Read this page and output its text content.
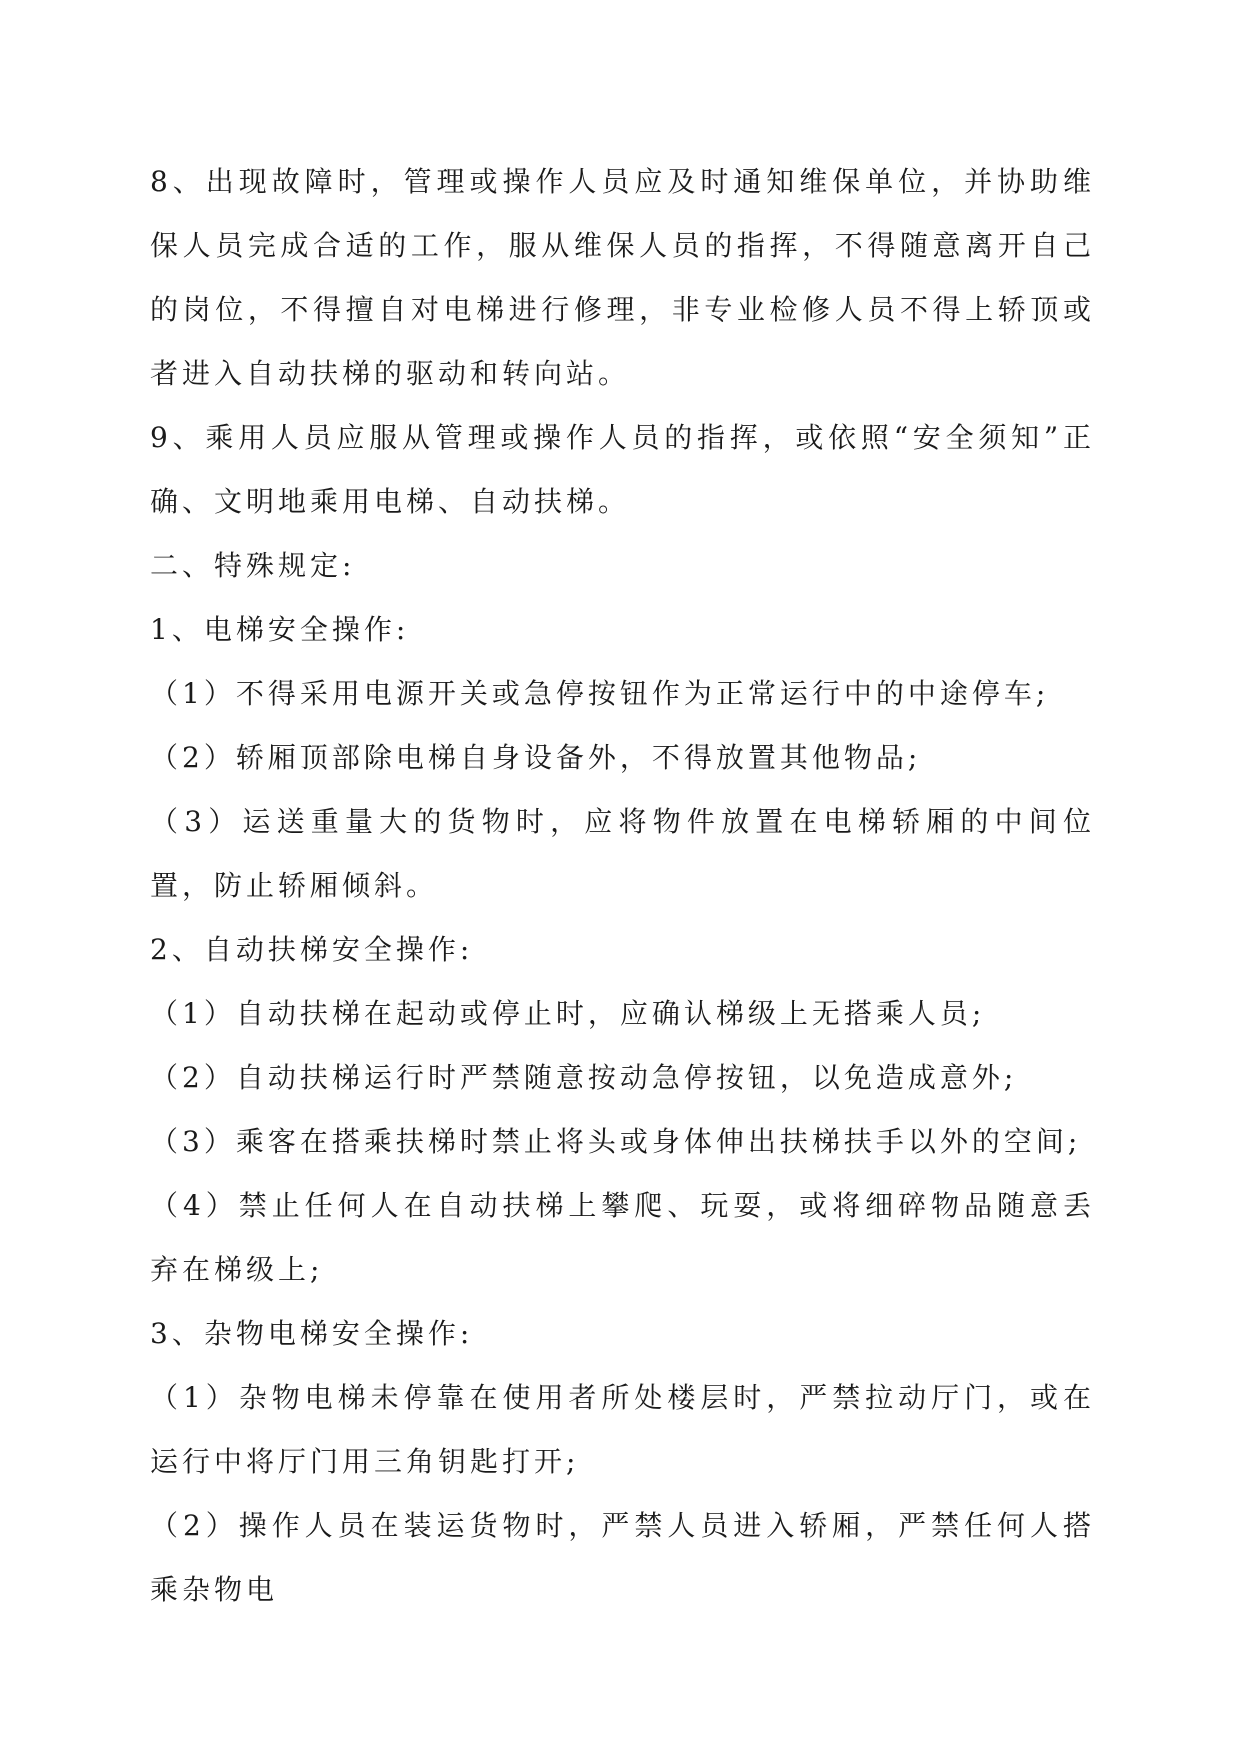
8、出现故障时，管理或操作人员应及时通知维保单位，并协助维保人员完成合适的工作，服从维保人员的指挥，不得随意离开自己的岗位，不得擅自对电梯进行修理，非专业检修人员不得上轿顶或者进入自动扶梯的驱动和转向站。

9、乘用人员应服从管理或操作人员的指挥，或依照“安全须知”正确、文明地乘用电梯、自动扶梯。

二、特殊规定:

1、电梯安全操作:

（1）不得采用电源开关或急停按钮作为正常运行中的中途停车;

（2）轿厢顶部除电梯自身设备外，不得放置其他物品;

（3）运送重量大的货物时，应将物件放置在电梯轿厢的中间位置，防止轿厢倾斜。

2、自动扶梯安全操作:

（1）自动扶梯在起动或停止时，应确认梯级上无搭乘人员;

（2）自动扶梯运行时严禁随意按动急停按钮，以免造成意外;

（3）乘客在搭乘扶梯时禁止将头或身体伸出扶梯扶手以外的空间;

（4）禁止任何人在自动扶梯上攀爬、玩耍，或将细碎物品随意丢弃在梯级上;

3、杂物电梯安全操作:

（1）杂物电梯未停靠在使用者所处楼层时，严禁拉动厅门，或在运行中将厅门用三角钥匙打开;

（2）操作人员在装运货物时，严禁人员进入轿厢，严禁任何人搭乘杂物电
